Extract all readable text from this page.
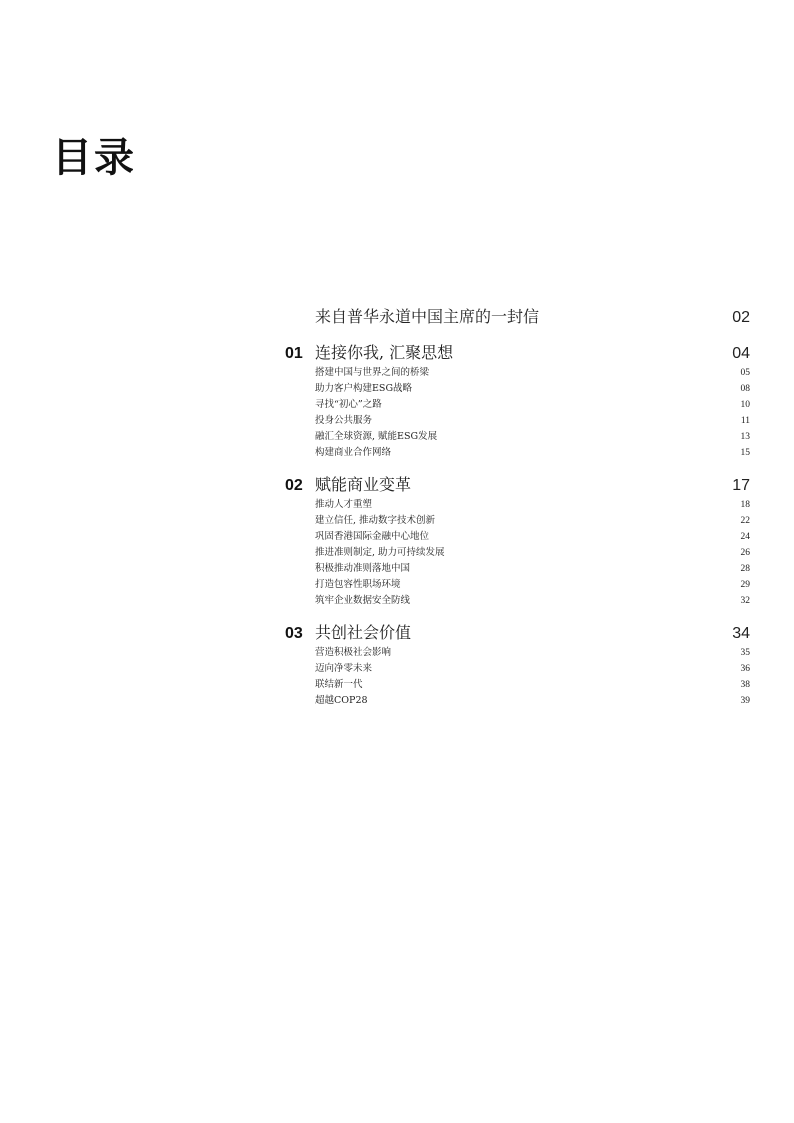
目录
来自普华永道中国主席的一封信	02
01 连接你我, 汇聚思想	04
搭建中国与世界之间的桥梁	05
助力客户构建ESG战略	08
寻找“初心”之路	10
投身公共服务	11
融汇全球资源, 赋能ESG发展	13
构建商业合作网络	15
02 赋能商业变革	17
推动人才重塑	18
建立信任, 推动数字技术创新	22
巩固香港国际金融中心地位	24
推进准则制定, 助力可持续发展	26
积极推动准则落地中国	28
打造包容性职场环境	29
筑牢企业数据安全防线	32
03 共创社会价值	34
营造积极社会影响	35
迈向净零未来	36
联结新一代	38
超越COP28	39
